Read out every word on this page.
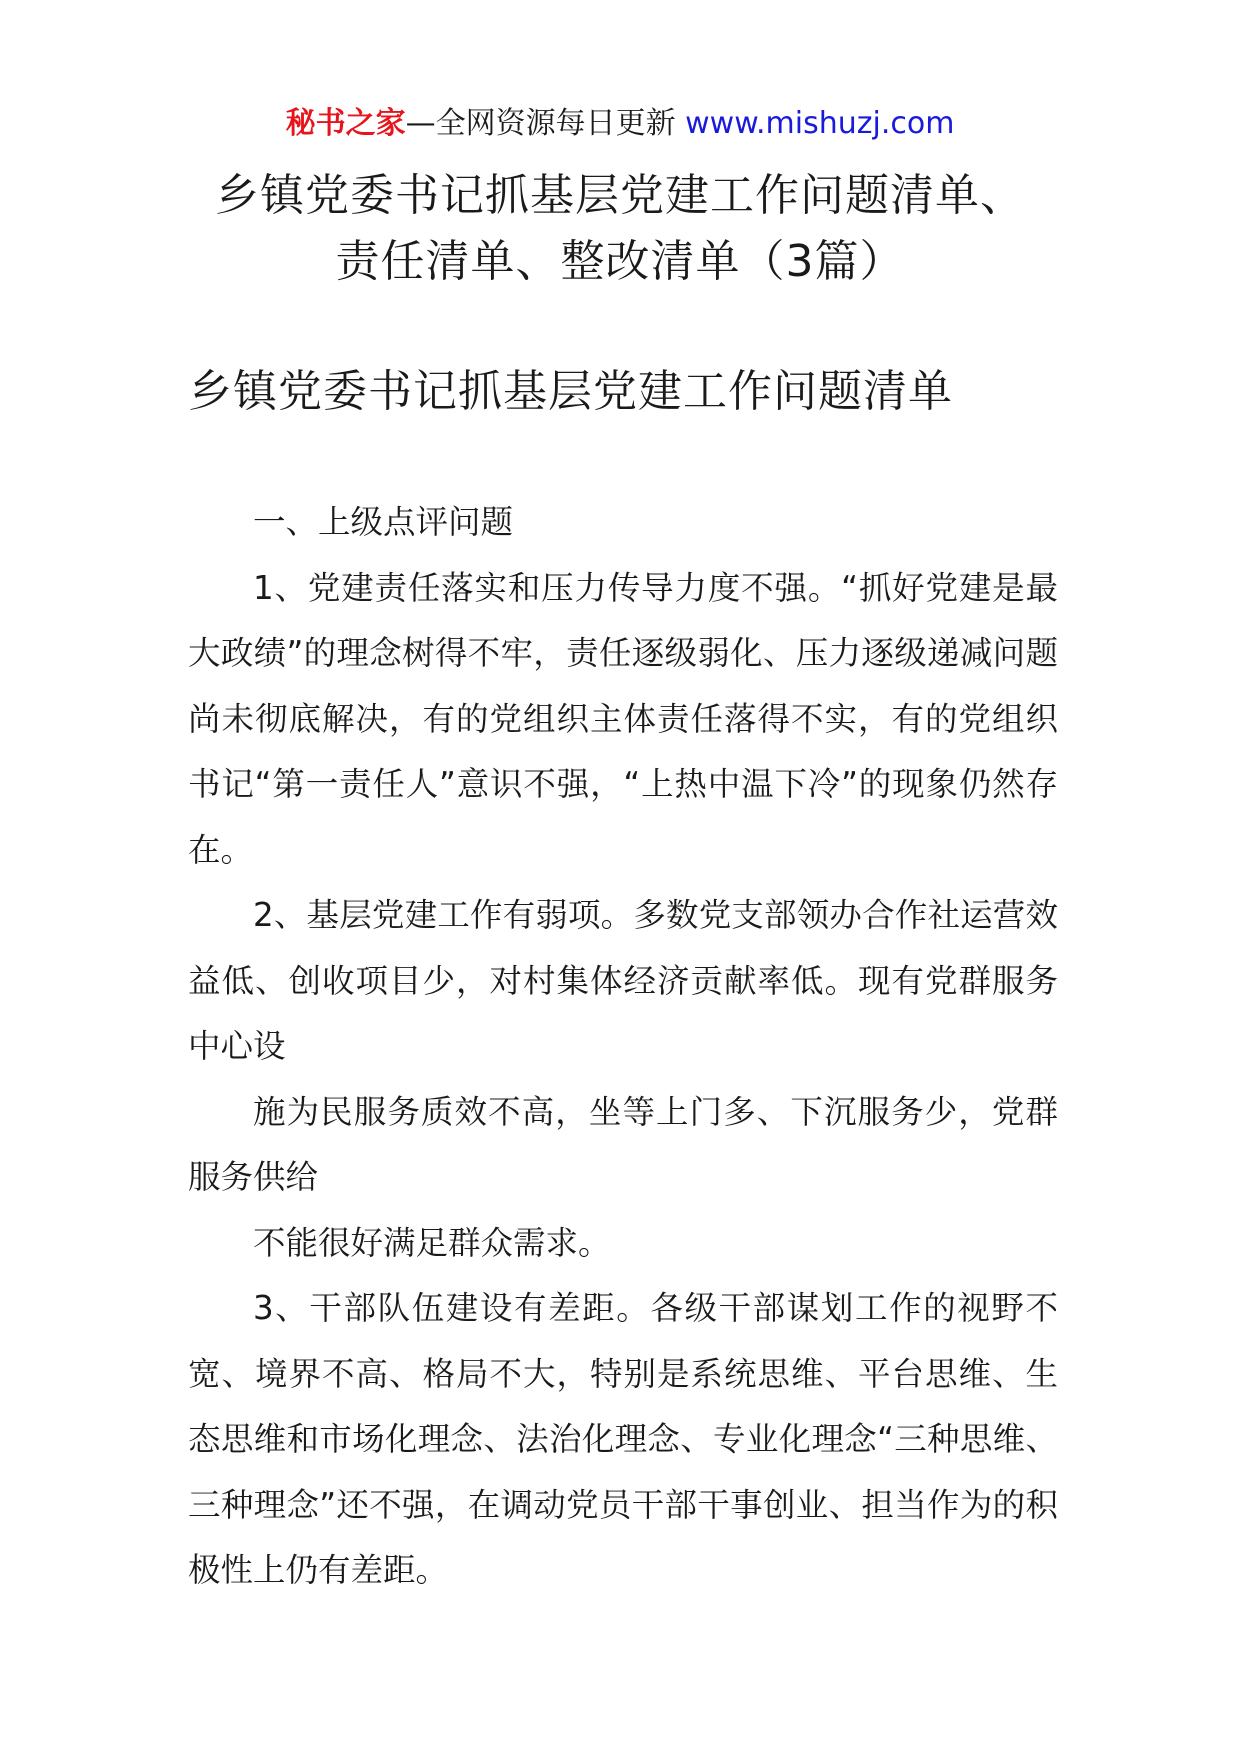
秘书之家—全网资源每日更新 www.mishuzj.com
乡镇党委书记抓基层党建工作问题清单、
责任清单、整改清单（3篇）
乡镇党委书记抓基层党建工作问题清单

一、上级点评问题

1、党建责任落实和压力传导力度不强。“抓好党建是最大政绩”的理念树得不牢，责任逐级弱化、压力逐级递减问题尚未彻底解决，有的党组织主体责任落得不实，有的党组织书记“第一责任人”意识不强，“上热中温下冷”的现象仍然存在。

2、基层党建工作有弱项。多数党支部领办合作社运营效益低、创收项目少，对村集体经济贡献率低。现有党群服务中心设

施为民服务质效不高，坐等上门多、下沉服务少，党群服务供给

不能很好满足群众需求。

3、干部队伍建设有差距。各级干部谋划工作的视野不宽、境界不高、格局不大，特别是系统思维、平台思维、生态思维和市场化理念、法治化理念、专业化理念“三种思维、三种理念”还不强，在调动党员干部干事创业、担当作为的积极性上仍有差距。
